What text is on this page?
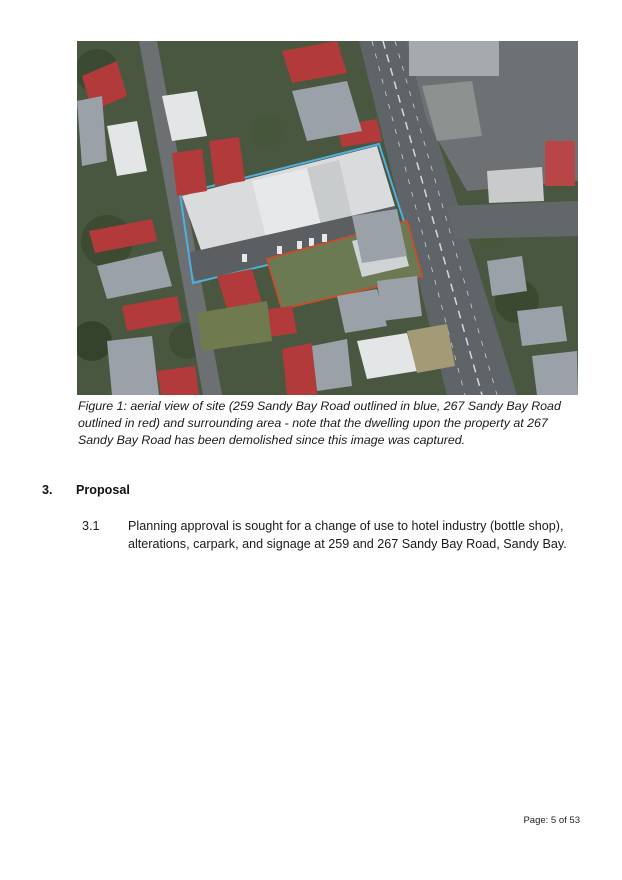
Figure 1: aerial view of site (259 Sandy Bay Road outlined in blue, 267 Sandy Bay Road outlined in red) and surrounding area - note that the dwelling upon the property at 267 Sandy Bay Road has been demolished since this image was captured.
3. Proposal
3.1 Planning approval is sought for a change of use to hotel industry (bottle shop), alterations, carpark, and signage at 259 and 267 Sandy Bay Road, Sandy Bay.
Page: 5 of 53
